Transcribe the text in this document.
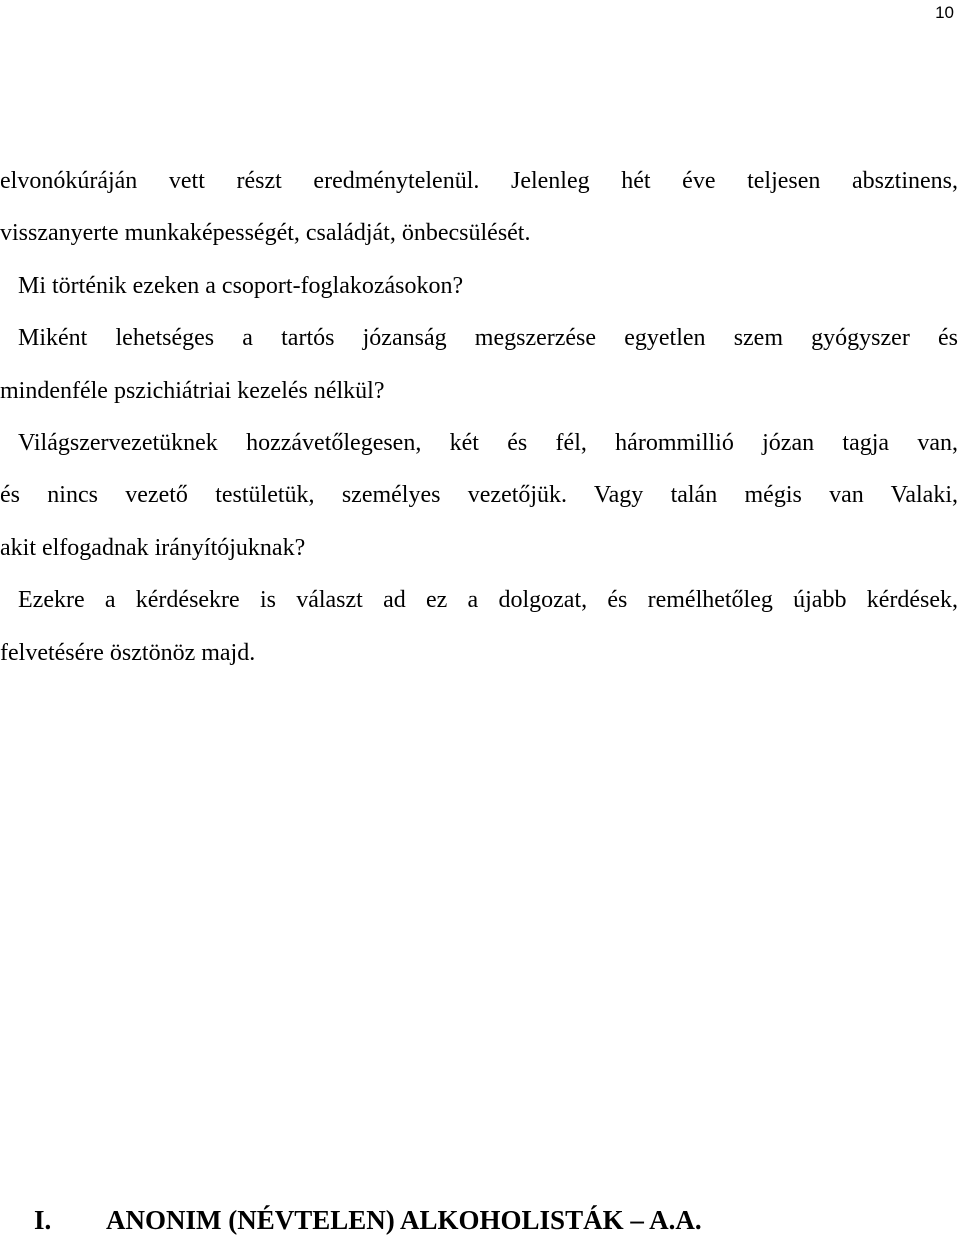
10
elvonókúráján vett részt eredménytelenül. Jelenleg hét éve teljesen absztinens,
visszanyerte munkaképességét, családját, önbecsülését.
Mi történik ezeken a csoport-foglakozásokon?
Miként lehetséges a tartós józanság megszerzése egyetlen szem gyógyszer és
mindenféle pszichiátriai kezelés nélkül?
Világszervezetüknek hozzávetőlegesen, két és fél, hárommillió józan tagja van,
és nincs vezető testületük, személyes vezetőjük. Vagy talán mégis van Valaki,
akit elfogadnak irányítójuknak?
Ezekre a kérdésekre is választ ad ez a dolgozat, és remélhetőleg újabb kérdések,
felvetésére ösztönöz majd.
I. ANONIM (NÉVTELEN) ALKOHOLISTÁK – A.A.
